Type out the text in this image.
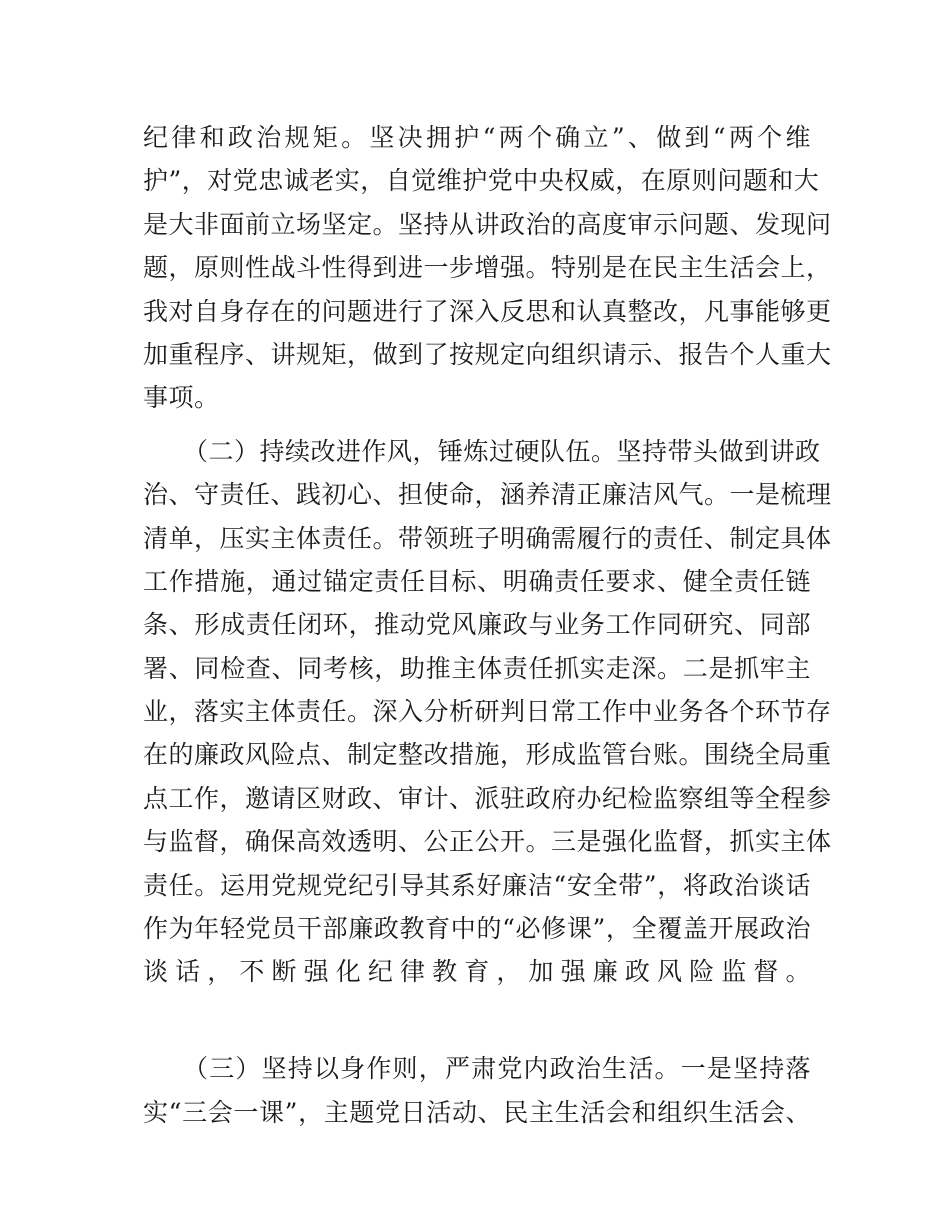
纪律和政治规矩。坚决拥护“两个确立”、做到“两个维
护”，对党忠诚老实，自觉维护党中央权威，在原则问题和大
是大非面前立场坚定。坚持从讲政治的高度审示问题、发现问
题，原则性战斗性得到进一步增强。特别是在民主生活会上，
我对自身存在的问题进行了深入反思和认真整改，凡事能够更
加重程序、讲规矩，做到了按规定向组织请示、报告个人重大
事项。
（二）持续改进作风，锤炼过硬队伍。坚持带头做到讲政
治、守责任、践初心、担使命，涵养清正廉洁风气。一是梳理
清单，压实主体责任。带领班子明确需履行的责任、制定具体
工作措施，通过锚定责任目标、明确责任要求、健全责任链
条、形成责任闭环，推动党风廉政与业务工作同研究、同部
署、同检查、同考核，助推主体责任抓实走深。二是抓牢主
业，落实主体责任。深入分析研判日常工作中业务各个环节存
在的廉政风险点、制定整改措施，形成监管台账。围绕全局重
点工作，邀请区财政、审计、派驻政府办纪检监察组等全程参
与监督，确保高效透明、公正公开。三是强化监督，抓实主体
责任。运用党规党纪引导其系好廉洁“安全带”，将政治谈话
作为年轻党员干部廉政教育中的“必修课”，全覆盖开展政治
谈话，不断强化纪律教育，加强廉政风险监督。
（三）坚持以身作则，严肃党内政治生活。一是坚持落
实“三会一课”，主题党日活动、民主生活会和组织生活会、
